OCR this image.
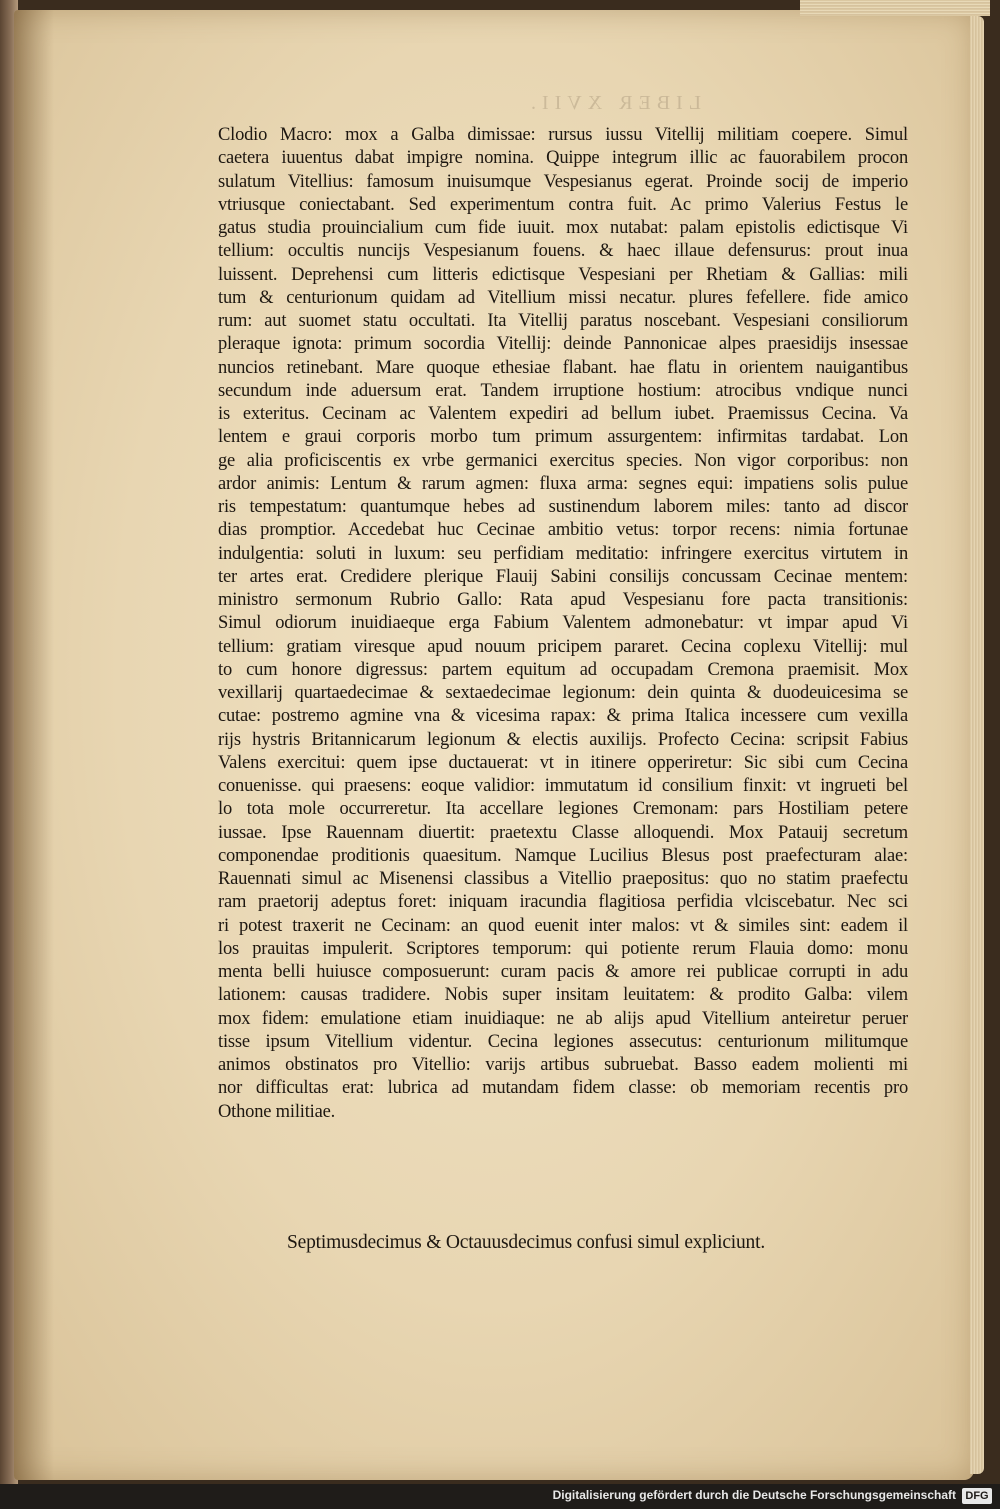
LIBER XVII.
Clodio Macro: mox a Galba dimissae: rursus iussu Vitellij militiam coepere. Simul
caetera iuuentus dabat impigre nomina. Quippe integrum illic ac fauorabilem procon
sulatum Vitellius: famosum inuisumque Vespesianus egerat. Proinde socij de imperio
vtriusque coniectabant. Sed experimentum contra fuit. Ac primo Valerius Festus le
gatus studia prouincialium cum fide iuuit. mox nutabat: palam epistolis edictisque Vi
tellium: occultis nuncijs Vespesianum fouens. & haec illaue defensurus: prout inua
luissent. Deprehensi cum litteris edictisque Vespesiani per Rhetiam & Gallias: mili
tum & centurionum quidam ad Vitellium missi necatur. plures fefellere. fide amico
rum: aut suomet statu occultati. Ita Vitellij paratus noscebant. Vespesiani consiliorum
pleraque ignota: primum socordia Vitellij: deinde Pannonicae alpes praesidijs insessae
nuncios retinebant. Mare quoque ethesiae flabant. hae flatu in orientem nauigantibus
secundum inde aduersum erat. Tandem irruptione hostium: atrocibus vndique nunci
is exteritus. Cecinam ac Valentem expediri ad bellum iubet. Praemissus Cecina. Va
lentem e graui corporis morbo tum primum assurgentem: infirmitas tardabat. Lon
ge alia proficiscentis ex vrbe germanici exercitus species. Non vigor corporibus: non
ardor animis: Lentum & rarum agmen: fluxa arma: segnes equi: impatiens solis pulue
ris tempestatum: quantumque hebes ad sustinendum laborem miles: tanto ad discor
dias promptior. Accedebat huc Cecinae ambitio vetus: torpor recens: nimia fortunae
indulgentia: soluti in luxum: seu perfidiam meditatio: infringere exercitus virtutem in
ter artes erat. Credidere plerique Flauij Sabini consilijs concussam Cecinae mentem:
ministro sermonum Rubrio Gallo: Rata apud Vespesianu fore pacta transitionis:
Simul odiorum inuidiaeque erga Fabium Valentem admonebatur: vt impar apud Vi
tellium: gratiam viresque apud nouum pricipem pararet. Cecina coplexu Vitellij: mul
to cum honore digressus: partem equitum ad occupadam Cremona praemisit. Mox
vexillarij quartaedecimae & sextaedecimae legionum: dein quinta & duodeuicesima se
cutae: postremo agmine vna & vicesima rapax: & prima Italica incessere cum vexilla
rijs hystris Britannicarum legionum & electis auxilijs. Profecto Cecina: scripsit Fabius
Valens exercitui: quem ipse ductauerat: vt in itinere opperiretur: Sic sibi cum Cecina
conuenisse. qui praesens: eoque validior: immutatum id consilium finxit: vt ingrueti bel
lo tota mole occurreretur. Ita accellare legiones Cremonam: pars Hostiliam petere
iussae. Ipse Rauennam diuertit: praetextu Classe alloquendi. Mox Patauij secretum
componendae proditionis quaesitum. Namque Lucilius Blesus post praefecturam alae:
Rauennati simul ac Misenensi classibus a Vitellio praepositus: quo no statim praefectu
ram praetorij adeptus foret: iniquam iracundia flagitiosa perfidia vlciscebatur. Nec sci
ri potest traxerit ne Cecinam: an quod euenit inter malos: vt & similes sint: eadem il
los prauitas impulerit. Scriptores temporum: qui potiente rerum Flauia domo: monu
menta belli huiusce composuerunt: curam pacis & amore rei publicae corrupti in adu
lationem: causas tradidere. Nobis super insitam leuitatem: & prodito Galba: vilem
mox fidem: emulatione etiam inuidiaque: ne ab alijs apud Vitellium anteiretur peruer
tisse ipsum Vitellium videntur. Cecina legiones assecutus: centurionum militumque
animos obstinatos pro Vitellio: varijs artibus subruebat. Basso eadem molienti mi
nor difficultas erat: lubrica ad mutandam fidem classe: ob memoriam recentis pro
Othone militiae.
Septimusdecimus & Octauusdecimus confusi simul expliciunt.
Digitalisierung gefördert durch die Deutsche Forschungsgemeinschaft DFG
